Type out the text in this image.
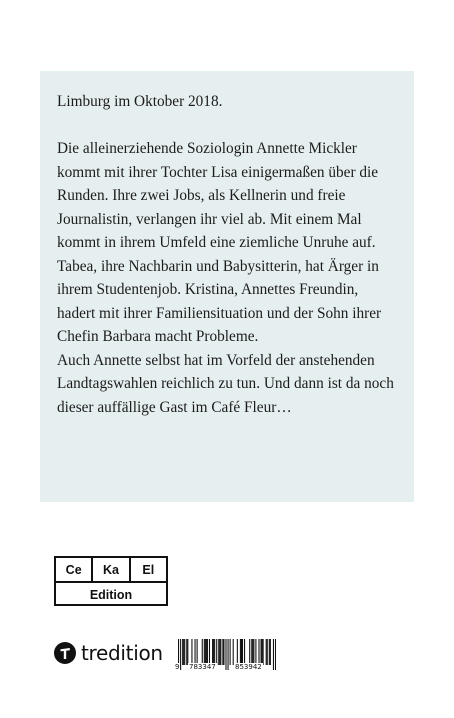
Limburg im Oktober 2018.

Die alleinerziehende Soziologin Annette Mickler kommt mit ihrer Tochter Lisa einigermaßen über die Runden. Ihre zwei Jobs, als Kellnerin und freie Journalistin, verlangen ihr viel ab. Mit einem Mal kommt in ihrem Umfeld eine ziemliche Unruhe auf.

Tabea, ihre Nachbarin und Babysitterin, hat Ärger in ihrem Studentenjob. Kristina, Annettes Freundin, hadert mit ihrer Familiensituation und der Sohn ihrer Chefin Barbara macht Probleme.

Auch Annette selbst hat im Vorfeld der anstehenden Landtagswahlen reichlich zu tun. Und dann ist da noch dieser auffällige Gast im Café Fleur…

Ce	Ka	El
Edition
tredition
9 783347	853942
